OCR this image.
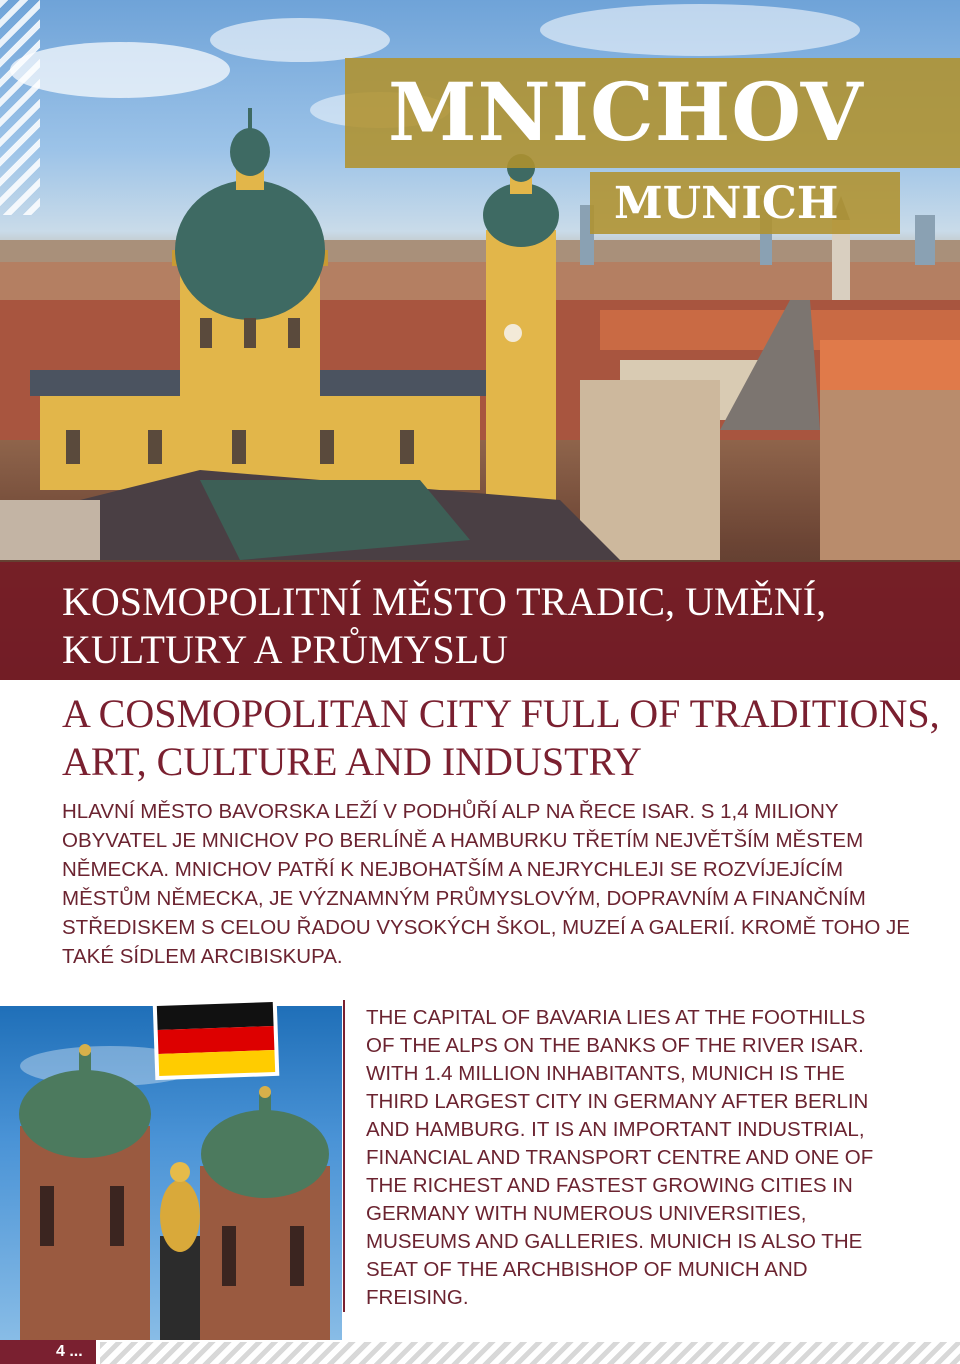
MNICHOV
MUNICH
KOSMOPOLITNÍ MĚSTO TRADIC, UMĚNÍ, KULTURY A PRŮMYSLU
A COSMOPOLITAN CITY FULL OF TRADITIONS, ART, CULTURE AND INDUSTRY

HLAVNÍ MĚSTO BAVORSKA LEŽÍ V PODHŮŘÍ ALP NA ŘECE ISAR. S 1,4 MILIONY OBYVATEL JE MNICHOV PO BERLÍNĚ A HAMBURKU TŘETÍM NEJVĚTŠÍM MĚSTEM NĚMECKA. MNICHOV PATŘÍ K NEJBOHATŠÍM A NEJRYCHLEJI SE ROZVÍJEJÍCÍM MĚSTŮM NĚMECKA, JE VÝZNAMNÝM PRŮMYSLOVÝM, DOPRAVNÍM A FINANČNÍM STŘEDISKEM S CELOU ŘADOU VYSOKÝCH ŠKOL, MUZEÍ A GALERIÍ. KROMĚ TOHO JE TAKÉ SÍDLEM ARCIBISKUPA.

THE CAPITAL OF BAVARIA LIES AT THE FOOTHILLS OF THE ALPS ON THE BANKS OF THE RIVER ISAR. WITH 1.4 MILLION INHABITANTS, MUNICH IS THE THIRD LARGEST CITY IN GERMANY AFTER BERLIN AND HAMBURG. IT IS AN IMPORTANT INDUSTRIAL, FINANCIAL AND TRANSPORT CENTRE AND ONE OF THE RICHEST AND FASTEST GROWING CITIES IN GERMANY WITH NUMEROUS UNIVERSITIES, MUSEUMS AND GALLERIES. MUNICH IS ALSO THE SEAT OF THE ARCHBISHOP OF MUNICH AND FREISING.

4 ...
